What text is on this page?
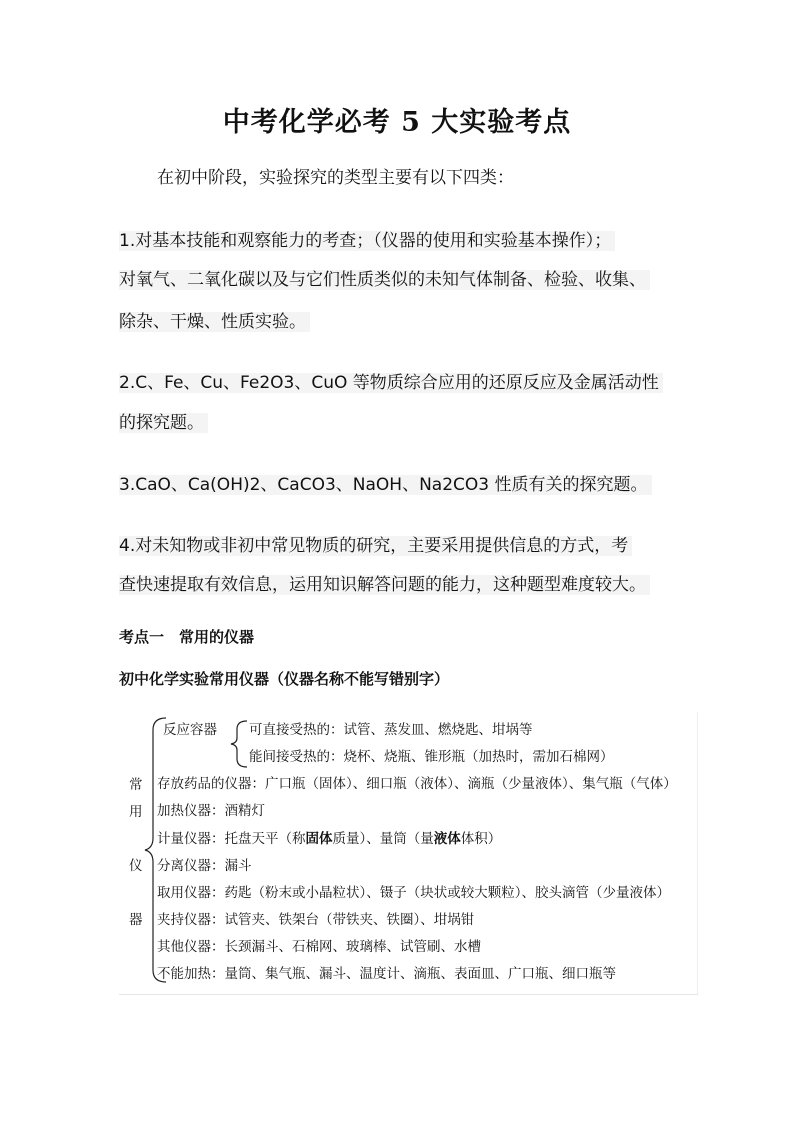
中考化学必考 5 大实验考点
在初中阶段，实验探究的类型主要有以下四类：
1.对基本技能和观察能力的考查；（仪器的使用和实验基本操作）；
对氧气、二氧化碳以及与它们性质类似的未知气体制备、检验、收集、
除杂、干燥、性质实验。
2.C、Fe、Cu、Fe2O3、CuO 等物质综合应用的还原反应及金属活动性
的探究题。
3.CaO、Ca(OH)2、CaCO3、NaOH、Na2CO3 性质有关的探究题。
4.对未知物或非初中常见物质的研究，主要采用提供信息的方式，考
查快速提取有效信息，运用知识解答问题的能力，这种题型难度较大。
考点一　常用的仪器
初中化学实验常用仪器（仪器名称不能写错别字）
常
用
仪
器
反应容器 可直接受热的：试管、蒸发皿、燃烧匙、坩埚等
能间接受热的：烧杯、烧瓶、锥形瓶（加热时，需加石棉网）
存放药品的仪器：广口瓶（固体）、细口瓶（液体）、滴瓶（少量液体）、集气瓶（气体）
加热仪器：酒精灯
计量仪器：托盘天平（称固体质量）、量筒（量液体体积）
分离仪器：漏斗
取用仪器：药匙（粉末或小晶粒状）、镊子（块状或较大颗粒）、胶头滴管（少量液体）
夹持仪器：试管夹、铁架台（带铁夹、铁圈）、坩埚钳
其他仪器：长颈漏斗、石棉网、玻璃棒、试管刷、水槽
不能加热：量筒、集气瓶、漏斗、温度计、滴瓶、表面皿、广口瓶、细口瓶等
